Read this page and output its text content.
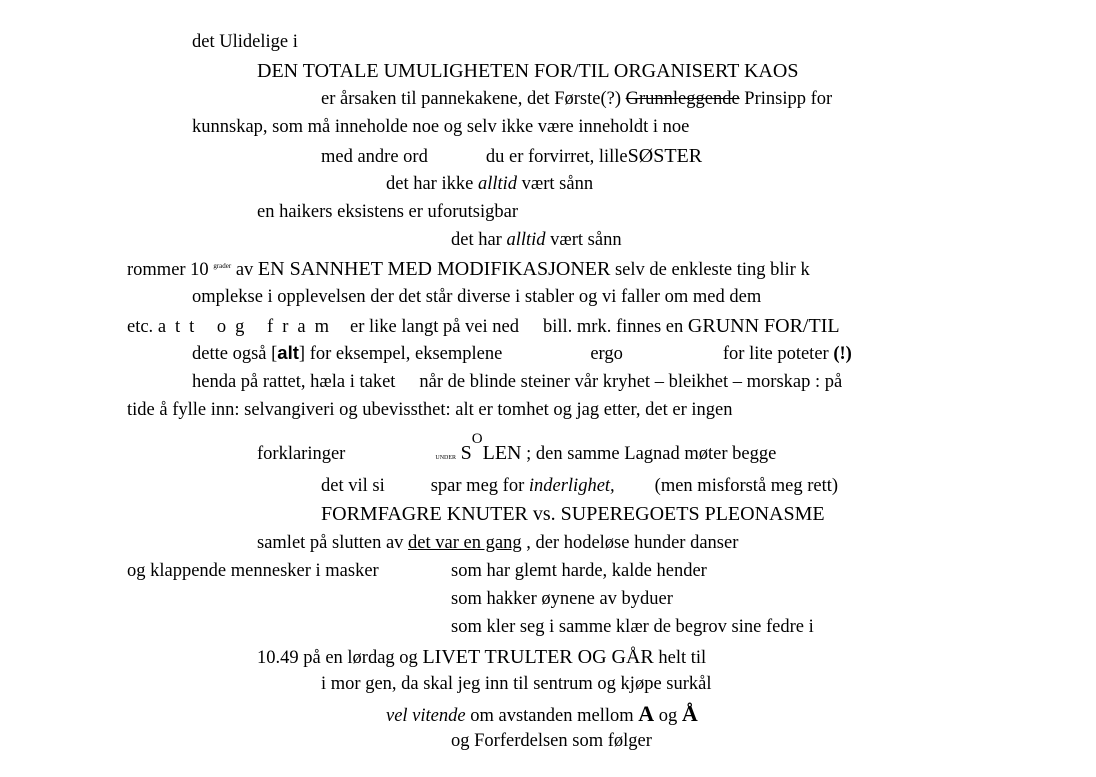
det Ulidelige i
DEN TOTALE UMULIGHETEN FOR/TIL ORGANISERT KAOS
er årsaken til pannekakene, det Første(?) Grunnleggende Prinsipp for
kunnskap, som må inneholde noe og selv ikke være inneholdt i noe
med andre ord	du er forvirret, lilleSØSTER
det har ikke alltid vært sånn
en haikers eksistens er uforutsigbar
det har alltid vært sånn
rommer 10 $^{grader}$ av EN SANNHET MED MODIFIKASJONER selv de enkleste ting blir k
omplekse i opplevelsen der det står diverse i stabler og vi faller om med dem
etc. att og fram er like langt på vei ned bill. mrk. finnes en GRUNN FOR/TIL
dette også [alt] for eksempel, eksemplene	ergo	for lite poteter (!)
henda på rattet, hæla i taket når de blinde steiner vår kryhet – bleikhet – morskap : på
tide å fylle inn: selvangiveri og ubevissthet: alt er tomhet og jag etter, det er ingen
forklaringer	UNDER $S^OLEN$ ; den samme Lagnad møter begge
det vil si spar meg for inderlighet, (men misforstå meg rett)
FORMFAGRE KNUTER vs. SUPEREGOETS PLEONASME
samlet på slutten av det var en gang , der hodeløse hunder danser
og klappende mennesker i masker	som har glemt harde, kalde hender
som hakker øynene av byduer
som kler seg i samme klær de begrov sine fedre i
10.49 på en lørdag og LIVET TRULTER OG GÅR helt til
i mor gen, da skal jeg inn til sentrum og kjøpe surkål
vel vitende om avstanden mellom A og Å
og Forferdelsen som følger
